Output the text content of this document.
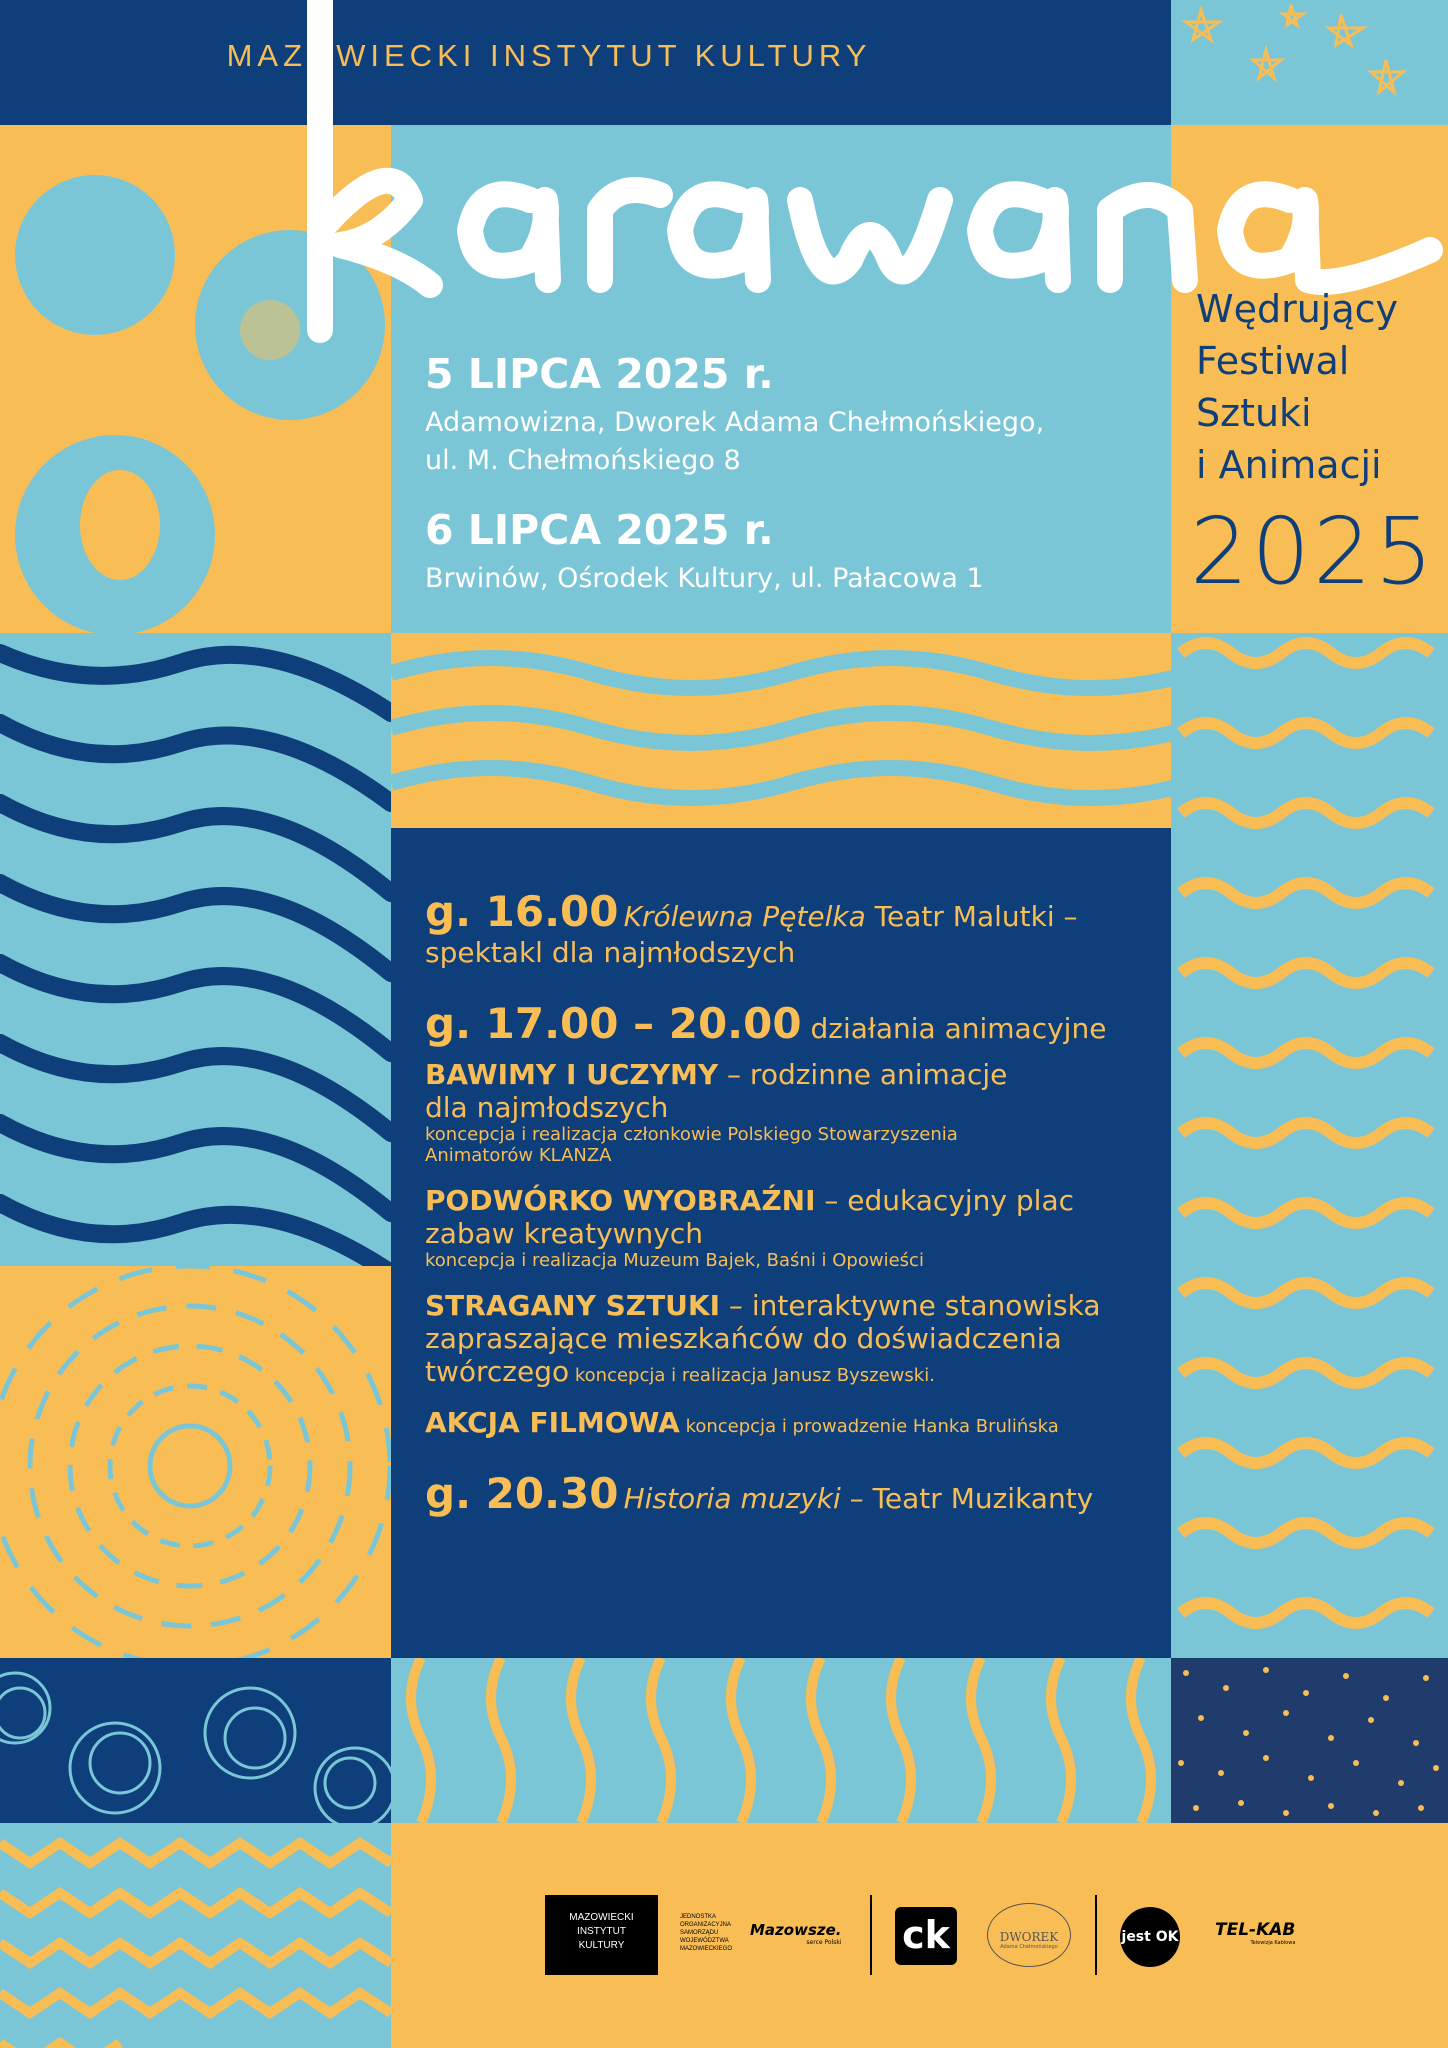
MAZOWIECKI INSTYTUT KULTURY
Wędrujący
Festiwal
Sztuki
i Animacji
2025
5 LIPCA 2025 r.
Adamowizna, Dworek Adama Chełmońskiego,
ul. M. Chełmońskiego 8
6 LIPCA 2025 r.
Brwinów, Ośrodek Kultury, ul. Pałacowa 1
g. 16.00 Królewna Pętelka Teatr Malutki –
spektakl dla najmłodszych
g. 17.00 – 20.00 działania animacyjne
BAWIMY I UCZYMY – rodzinne animacje
dla najmłodszych
koncepcja i realizacja członkowie Polskiego Stowarzyszenia
Animatorów KLANZA
PODWÓRKO WYOBRAŹNI – edukacyjny plac
zabaw kreatywnych
koncepcja i realizacja Muzeum Bajek, Baśni i Opowieści
STRAGANY SZTUKI – interaktywne stanowiska
zapraszające mieszkańców do doświadczenia
twórczego koncepcja i realizacja Janusz Byszewski.
AKCJA FILMOWA koncepcja i prowadzenie Hanka Brulińska
g. 20.30 Historia muzyki – Teatr Muzikanty
MAZOWIECKI
INSTYTUT
KULTURY
JEDNOSTKA
ORGANIZACYJNA
SAMORZĄDU
WOJEWÓDZTWA
MAZOWIECKIEGO
Mazowsze.
serce Polski ck	DWOREK
Adama Chełmońskiego
jest OK TEL-KAB
Telewizja Kablowa
